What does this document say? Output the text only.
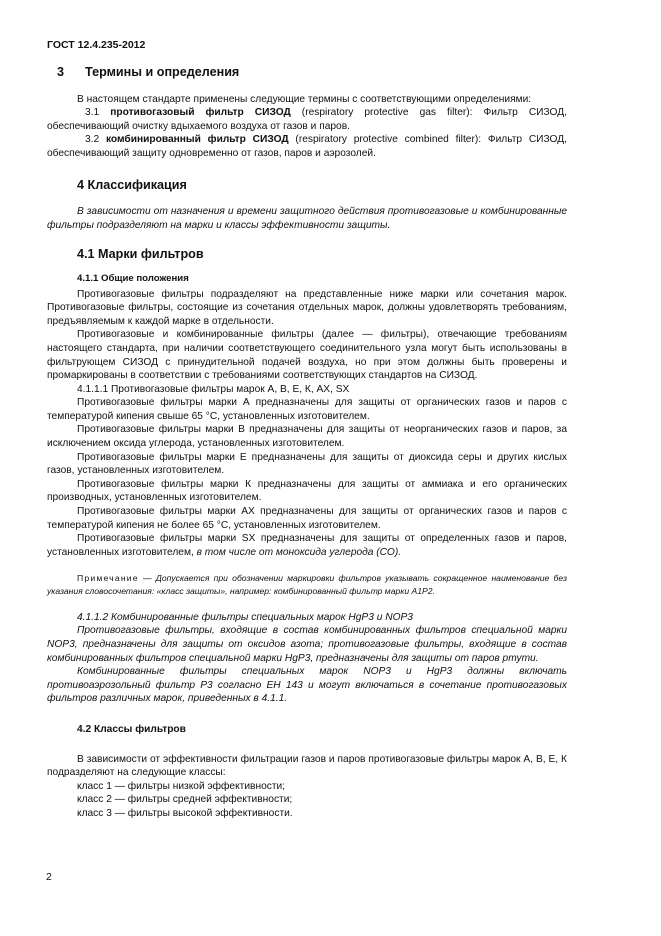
ГОСТ 12.4.235-2012
3 Термины и определения

В настоящем стандарте применены следующие термины с соответствующими определениями:

3.1 противогазовый фильтр СИЗОД (respiratory protective gas filter): Фильтр СИЗОД, обеспечивающий очистку вдыхаемого воздуха от газов и паров.

3.2 комбинированный фильтр СИЗОД (respiratory protective combined filter): Фильтр СИЗОД, обеспечивающий защиту одновременно от газов, паров и аэрозолей.

4 Классификация

В зависимости от назначения и времени защитного действия противогазовые и комбинированные фильтры подразделяют на марки и классы эффективности защиты.

4.1 Марки фильтров
4.1.1 Общие положения

Противогазовые фильтры подразделяют на представленные ниже марки или сочетания марок. Противогазовые фильтры, состоящие из сочетания отдельных марок, должны удовлетворять требованиям, предъявляемым к каждой марке в отдельности.

Противогазовые и комбинированные фильтры (далее — фильтры), отвечающие требованиям настоящего стандарта, при наличии соответствующего соединительного узла могут быть использованы в фильтрующем СИЗОД с принудительной подачей воздуха, но при этом должны быть проверены и промаркированы в соответствии с требованиями соответствующих стандартов на СИЗОД.

4.1.1.1 Противогазовые фильтры марок А, В, Е, К, АХ, SX

Противогазовые фильтры марки А предназначены для защиты от органических газов и паров с температурой кипения свыше 65 °С, установленных изготовителем.

Противогазовые фильтры марки В предназначены для защиты от неорганических газов и паров, за исключением оксида углерода, установленных изготовителем.

Противогазовые фильтры марки Е предназначены для защиты от диоксида серы и других кислых газов, установленных изготовителем.

Противогазовые фильтры марки К предназначены для защиты от аммиака и его органических производных, установленных изготовителем.

Противогазовые фильтры марки АХ предназначены для защиты от органических газов и паров с температурой кипения не более 65 °С, установленных изготовителем.

Противогазовые фильтры марки SX предназначены для защиты от определенных газов и паров, установленных изготовителем, в том числе от моноксида углерода (СО).

Примечание — Допускается при обозначении маркировки фильтров указывать сокращенное наименование без указания словосочетания: «класс защиты», например: комбинированный фильтр марки А1Р2.

4.1.1.2 Комбинированные фильтры специальных марок HgP3 и NOP3

Противогазовые фильтры, входящие в состав комбинированных фильтров специальной марки NOP3, предназначены для защиты от оксидов азота; противогазовые фильтры, входящие в состав комбинированных фильтров специальной марки HgP3, предназначены для защиты от паров ртути.

Комбинированные фильтры специальных марок NOP3 и HgP3 должны включать противоаэрозольный фильтр Р3 согласно ЕН 143 и могут включаться в сочетание противогазовых фильтров различных марок, приведенных в 4.1.1.

4.2 Классы фильтров

В зависимости от эффективности фильтрации газов и паров противогазовые фильтры марок А, В, Е, К подразделяют на следующие классы:

класс 1 — фильтры низкой эффективности;

класс 2 — фильтры средней эффективности;

класс 3 — фильтры высокой эффективности.

2
